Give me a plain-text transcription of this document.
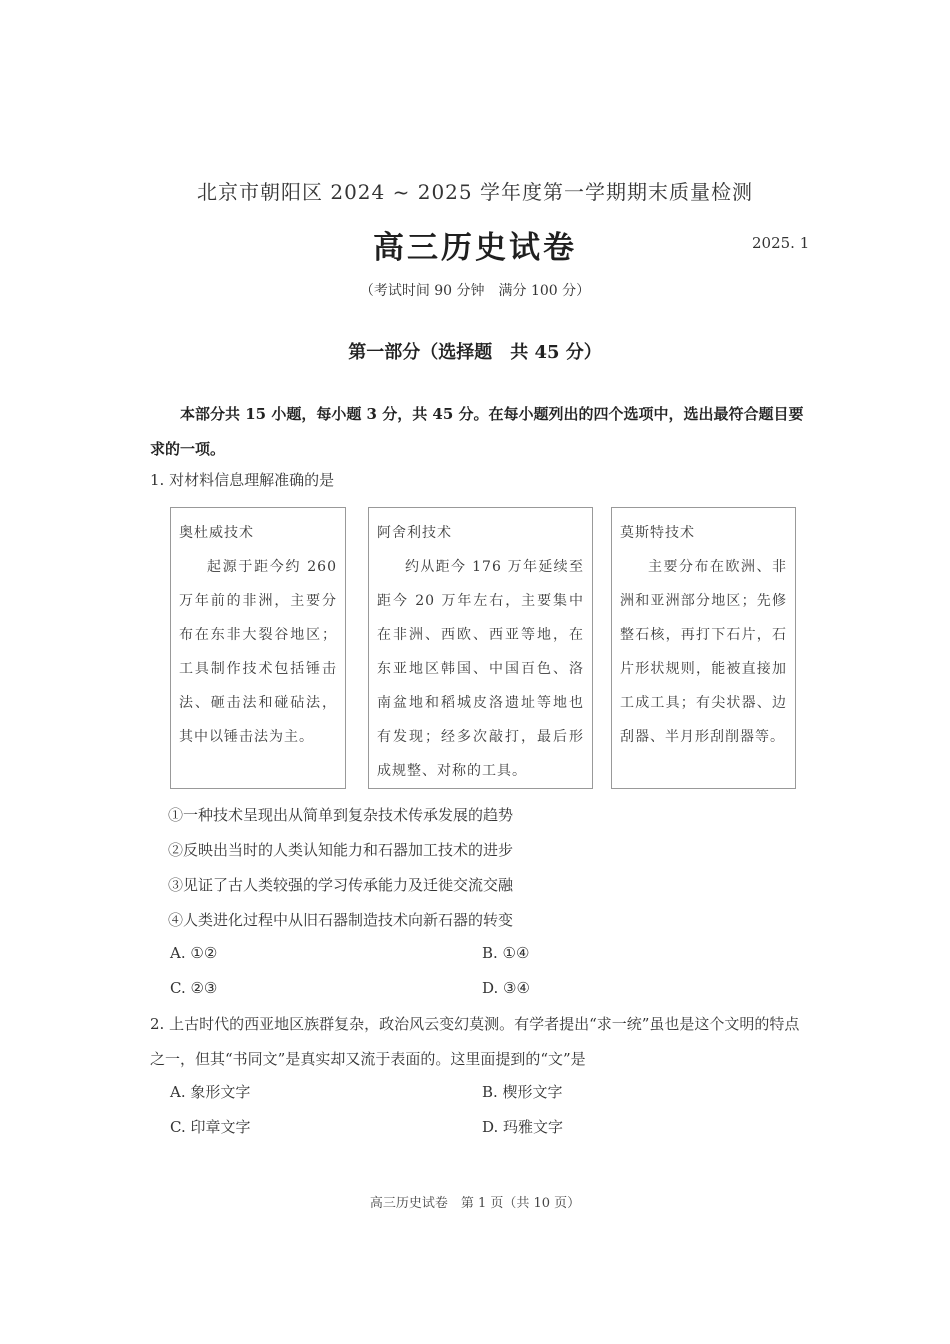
北京市朝阳区 2024 ~ 2025 学年度第一学期期末质量检测
高三历史试卷	2025. 1
（考试时间 90 分钟　满分 100 分）
第一部分（选择题　共 45 分）
本部分共 15 小题，每小题 3 分，共 45 分。在每小题列出的四个选项中，选出最符合题目要求的一项。
1. 对材料信息理解准确的是
奥杜威技术
起源于距今约 260 万年前的非洲，主要分布在东非大裂谷地区；工具制作技术包括锤击法、砸击法和碰砧法，其中以锤击法为主。
阿舍利技术
约从距今 176 万年延续至距今 20 万年左右，主要集中在非洲、西欧、西亚等地，在东亚地区韩国、中国百色、洛南盆地和稻城皮洛遗址等地也有发现；经多次敲打，最后形成规整、对称的工具。
莫斯特技术
主要分布在欧洲、非洲和亚洲部分地区；先修整石核，再打下石片，石片形状规则，能被直接加工成工具；有尖状器、边刮器、半月形刮削器等。
①一种技术呈现出从简单到复杂技术传承发展的趋势
②反映出当时的人类认知能力和石器加工技术的进步
③见证了古人类较强的学习传承能力及迁徙交流交融
④人类进化过程中从旧石器制造技术向新石器的转变
A. ①②	B. ①④
C. ②③	D. ③④
2. 上古时代的西亚地区族群复杂，政治风云变幻莫测。有学者提出“求一统”虽也是这个文明的特点之一，但其“书同文”是真实却又流于表面的。这里面提到的“文”是
A. 象形文字	B. 楔形文字
C. 印章文字	D. 玛雅文字
高三历史试卷　第 1 页（共 10 页）
